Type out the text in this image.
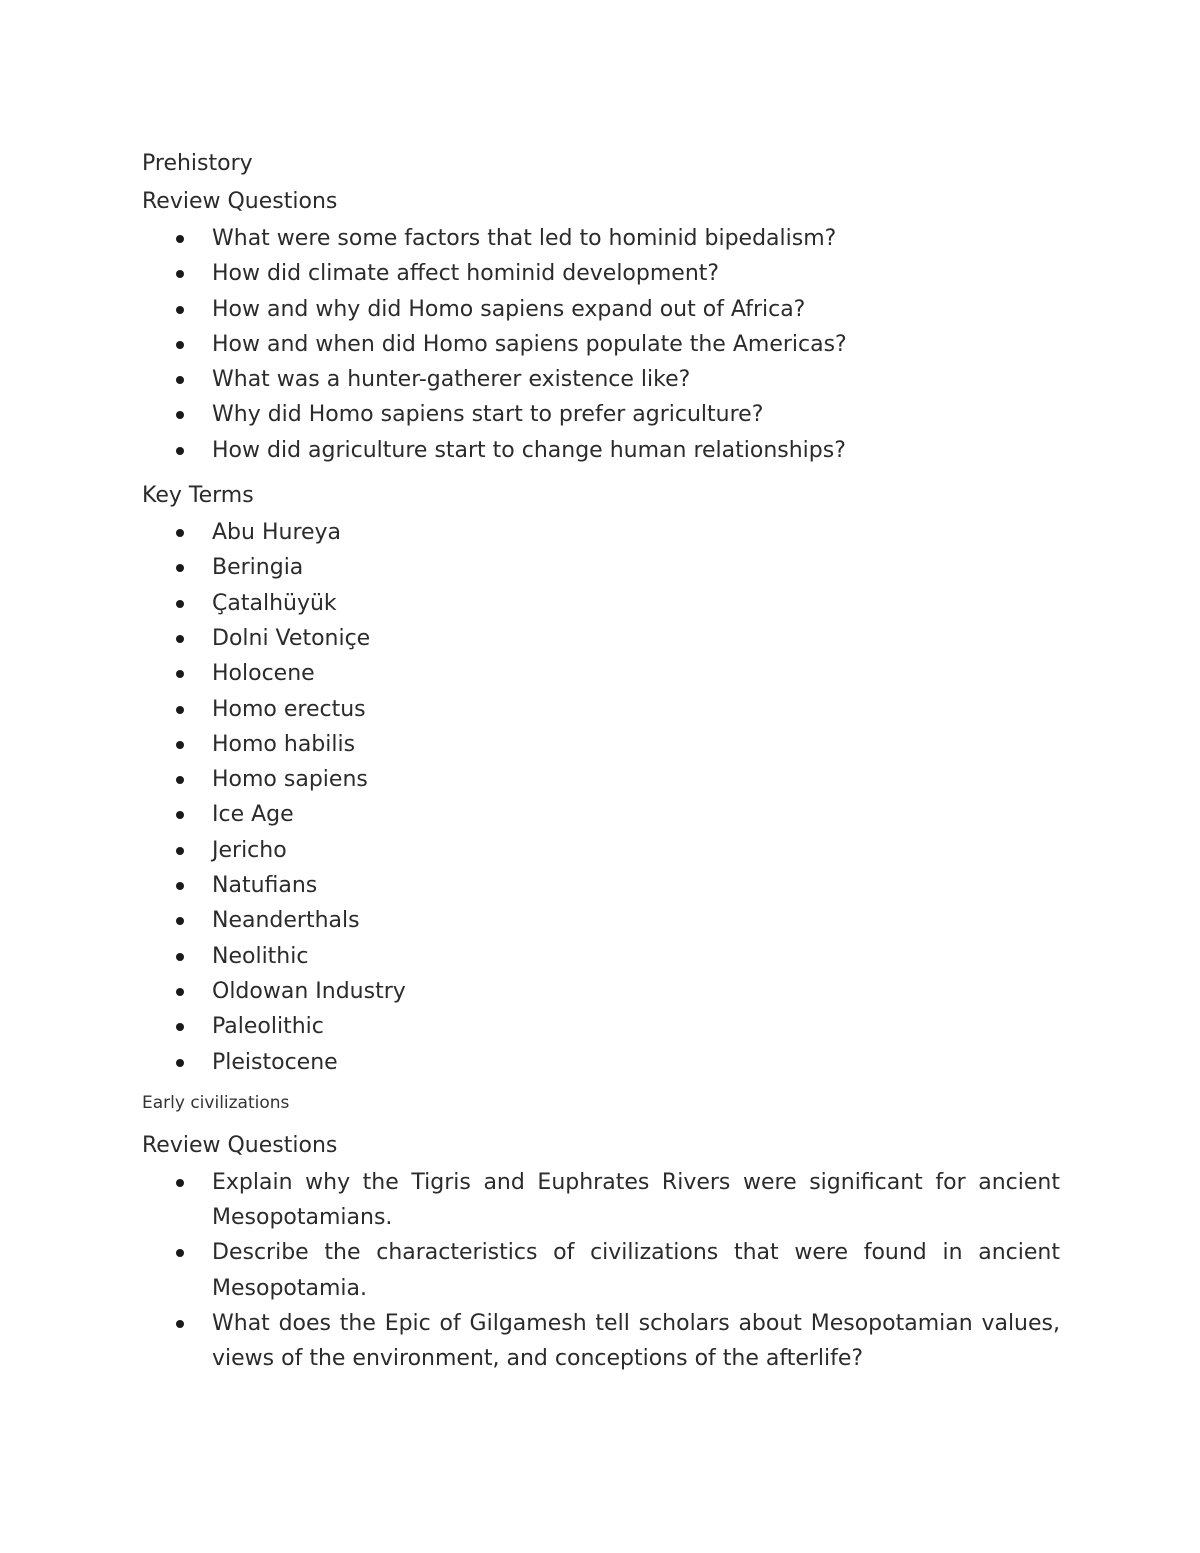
Prehistory

Review Questions

What were some factors that led to hominid bipedalism?
How did climate affect hominid development?
How and why did Homo sapiens expand out of Africa?
How and when did Homo sapiens populate the Americas?
What was a hunter-gatherer existence like?
Why did Homo sapiens start to prefer agriculture?
How did agriculture start to change human relationships?

Key Terms

Abu Hureya
Beringia
Çatalhüyük
Dolni Vetoniçe
Holocene
Homo erectus
Homo habilis
Homo sapiens
Ice Age
Jericho
Natufians
Neanderthals
Neolithic
Oldowan Industry
Paleolithic
Pleistocene

Early civilizations

Review Questions

Explain why the Tigris and Euphrates Rivers were significant for ancient Mesopotamians.
Describe the characteristics of civilizations that were found in ancient Mesopotamia.
What does the Epic of Gilgamesh tell scholars about Mesopotamian values, views of the environment, and conceptions of the afterlife?
